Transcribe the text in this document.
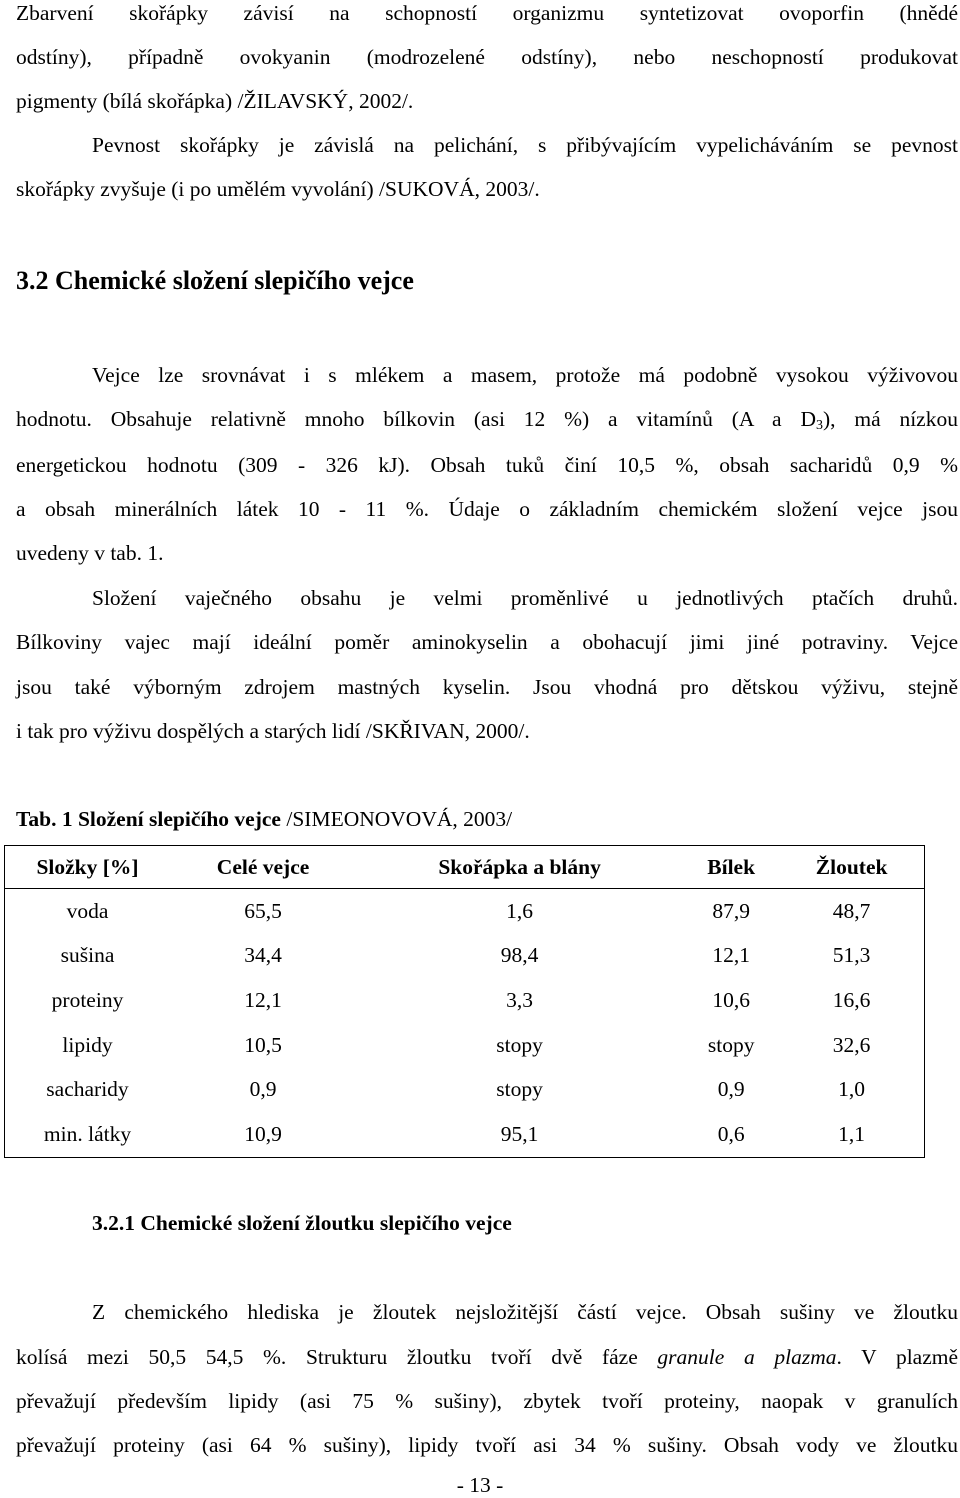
Zbarvení skořápky závisí na schopností organizmu syntetizovat ovoporfin (hnědé
odstíny), případně ovokyanin (modrozelené odstíny), nebo neschopností produkovat
pigmenty (bílá skořápka) /ŽILAVSKÝ, 2002/.
Pevnost skořápky je závislá na pelichání, s přibývajícím vypelicháváním se pevnost
skořápky zvyšuje (i po umělém vyvolání) /SUKOVÁ, 2003/.
3.2 Chemické složení slepičího vejce
Vejce lze srovnávat i s mlékem a masem, protože má podobně vysokou výživovou
hodnotu. Obsahuje relativně mnoho bílkovin (asi 12 %) a vitamínů (A a $D_3$), má nízkou
energetickou hodnotu (309 - 326 kJ). Obsah tuků činí 10,5 %, obsah sacharidů 0,9 %
a obsah minerálních látek 10 - 11 %. Údaje o základním chemickém složení vejce jsou
uvedeny v tab. 1.
Složení vaječného obsahu je velmi proměnlivé u jednotlivých ptačích druhů.
Bílkoviny vajec mají ideální poměr aminokyselin a obohacují jimi jiné potraviny. Vejce
jsou také výborným zdrojem mastných kyselin. Jsou vhodná pro dětskou výživu, stejně
i tak pro výživu dospělých a starých lidí /SKŘIVAN, 2000/.
Tab. 1 Složení slepičího vejce /SIMEONOVOVÁ, 2003/
Složky [%]	Celé vejce	Skořápka a blány	Bílek	Žloutek
voda	65,5	1,6	87,9	48,7
sušina	34,4	98,4	12,1	51,3
proteiny	12,1	3,3	10,6	16,6
lipidy	10,5	stopy	stopy	32,6
sacharidy	0,9	stopy	0,9	1,0
min. látky	10,9	95,1	0,6	1,1
3.2.1 Chemické složení žloutku slepičího vejce
Z chemického hlediska je žloutek nejsložitější částí vejce. Obsah sušiny ve žloutku
kolísá mezi 50,5 54,5 %. Strukturu žloutku tvoří dvě fáze granule a plazma. V plazmě
převažují především lipidy (asi 75 % sušiny), zbytek tvoří proteiny, naopak v granulích
převažují proteiny (asi 64 % sušiny), lipidy tvoří asi 34 % sušiny. Obsah vody ve žloutku
- 13 -
